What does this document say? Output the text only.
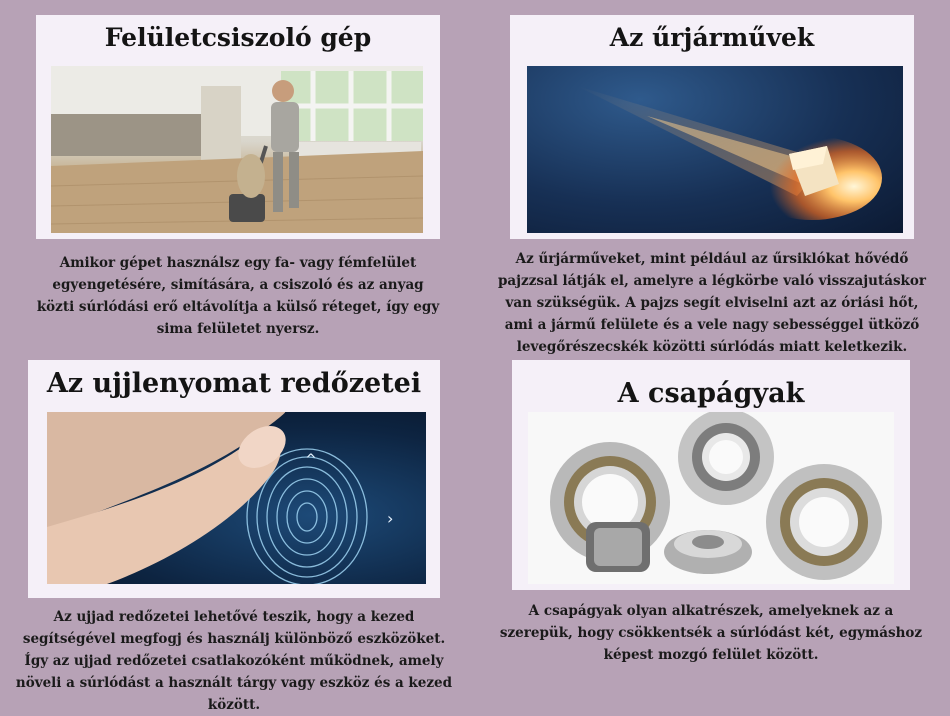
Felületcsiszoló gép
Amikor gépet használsz egy fa- vagy fémfelület egyengetésére, simítására, a csiszoló és az anyag közti súrlódási erő eltávolítja a külső réteget, így egy sima felületet nyersz.
Az űrjárművek
Az űrjárműveket, mint például az űrsiklókat hővédő pajzzsal látják el, amelyre a légkörbe való visszajutáskor van szükségük. A pajzs segít elviselni azt az óriási hőt, ami a jármű felülete és a vele nagy sebességgel ütköző levegőrészecskék közötti súrlódás miatt keletkezik.
Az ujjlenyomat redőzetei
^
›
Az ujjad redőzetei lehetővé teszik, hogy a kezed segítségével megfogj és használj különböző eszközöket. Így az ujjad redőzetei csatlakozóként működnek, amely növeli a súrlódást a használt tárgy vagy eszköz és a kezed között.
A csapágyak
A csapágyak olyan alkatrészek, amelyeknek az a szerepük, hogy csökkentsék a súrlódást két, egymáshoz képest mozgó felület között.
